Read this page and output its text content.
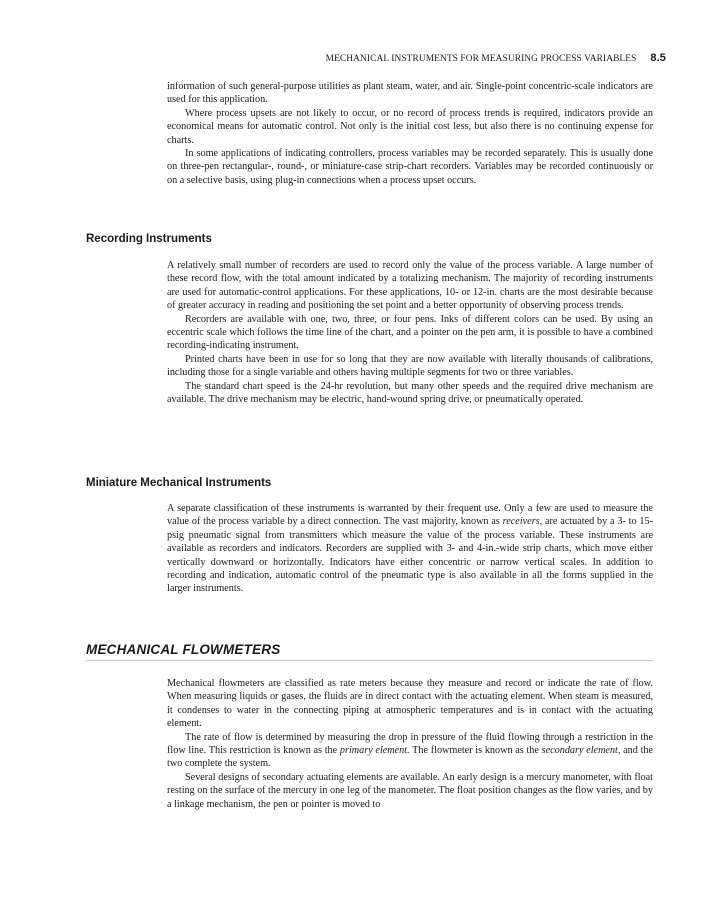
MECHANICAL INSTRUMENTS FOR MEASURING PROCESS VARIABLES 8.5

information of such general-purpose utilities as plant steam, water, and air. Single-point concentric-scale indicators are used for this application.

Where process upsets are not likely to occur, or no record of process trends is required, indicators provide an economical means for automatic control. Not only is the initial cost less, but also there is no continuing expense for charts.

In some applications of indicating controllers, process variables may be recorded separately. This is usually done on three-pen rectangular-, round-, or miniature-case strip-chart recorders. Variables may be recorded continuously or on a selective basis, using plug-in connections when a process upset occurs.

Recording Instruments

A relatively small number of recorders are used to record only the value of the process variable. A large number of these record flow, with the total amount indicated by a totalizing mechanism. The majority of recording instruments are used for automatic-control applications. For these applications, 10- or 12-in. charts are the most desirable because of greater accuracy in reading and positioning the set point and a better opportunity of observing process trends.

Recorders are available with one, two, three, or four pens. Inks of different colors can be used. By using an eccentric scale which follows the time line of the chart, and a pointer on the pen arm, it is possible to have a combined recording-indicating instrument.

Printed charts have been in use for so long that they are now available with literally thousands of calibrations, including those for a single variable and others having multiple segments for two or three variables.

The standard chart speed is the 24-hr revolution, but many other speeds and the required drive mechanism are available. The drive mechanism may be electric, hand-wound spring drive, or pneumatically operated.

Miniature Mechanical Instruments

A separate classification of these instruments is warranted by their frequent use. Only a few are used to measure the value of the process variable by a direct connection. The vast majority, known as receivers, are actuated by a 3- to 15-psig pneumatic signal from transmitters which measure the value of the process variable. These instruments are available as recorders and indicators. Recorders are supplied with 3- and 4-in.-wide strip charts, which move either vertically downward or horizontally. Indicators have either concentric or narrow vertical scales. In addition to recording and indication, automatic control of the pneumatic type is also available in all the forms supplied in the larger instruments.

MECHANICAL FLOWMETERS

Mechanical flowmeters are classified as rate meters because they measure and record or indicate the rate of flow. When measuring liquids or gases, the fluids are in direct contact with the actuating element. When steam is measured, it condenses to water in the connecting piping at atmospheric temperatures and is in contact with the actuating element.

The rate of flow is determined by measuring the drop in pressure of the fluid flowing through a restriction in the flow line. This restriction is known as the primary element. The flowmeter is known as the secondary element, and the two complete the system.

Several designs of secondary actuating elements are available. An early design is a mercury manometer, with float resting on the surface of the mercury in one leg of the manometer. The float position changes as the flow varies, and by a linkage mechanism, the pen or pointer is moved to
